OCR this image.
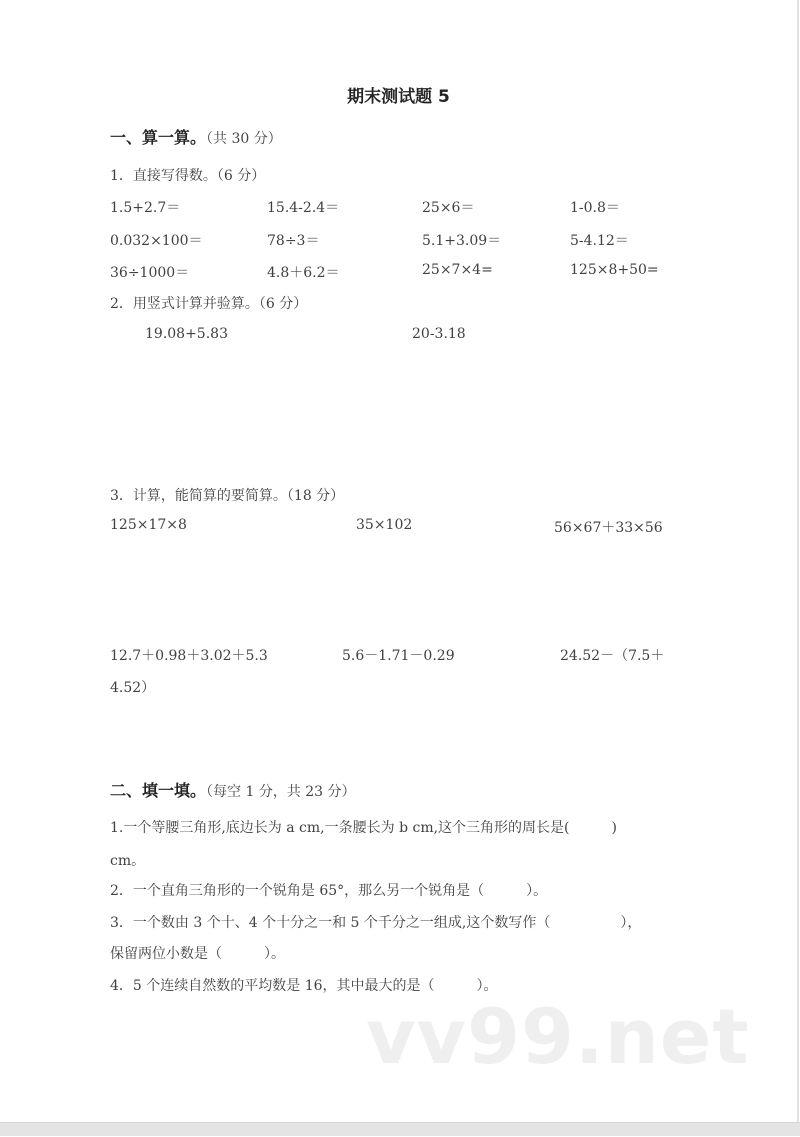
期末测试题 5
一、算一算。（共 30 分）
1．直接写得数。（6 分）
1.5+2.7＝	15.4-2.4＝	25×6＝	1-0.8＝
0.032×100＝	78÷3＝	5.1+3.09＝	5-4.12＝
36÷1000＝	4.8＋6.2＝	25×7×4=	125×8+50=
2．用竖式计算并验算。（6 分）
19.08+5.83	20-3.18
3．计算，能简算的要简算。（18 分）
125×17×8	35×102	56×67＋33×56
12.7＋0.98＋3.02＋5.3	5.6－1.71－0.29	24.52－（7.5＋
4.52）
二、填一填。（每空 1 分，共 23 分）
1.一个等腰三角形,底边长为 a cm,一条腰长为 b cm,这个三角形的周长是(　　　)
cm。
2．一个直角三角形的一个锐角是 65°，那么另一个锐角是（　　　）。
3．一个数由 3 个十、4 个十分之一和 5 个千分之一组成,这个数写作（　　　　　），
保留两位小数是（　　　）。
4．5 个连续自然数的平均数是 16，其中最大的是（　　　）。
vv99.net
